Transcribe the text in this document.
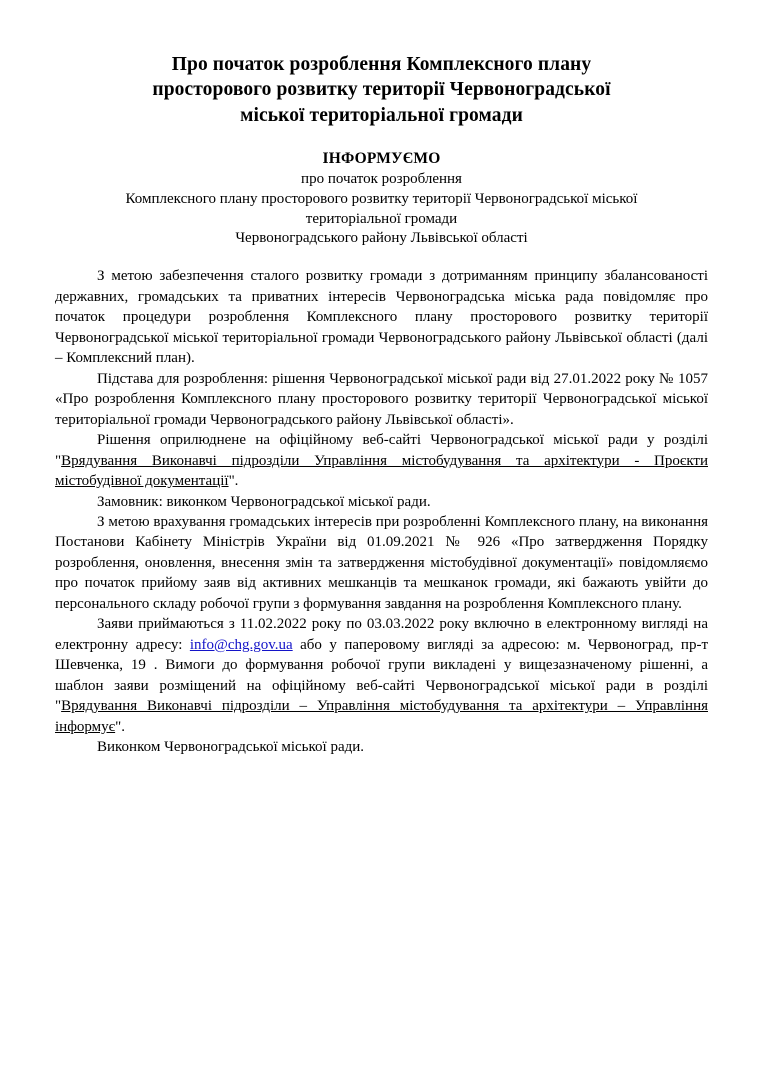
Про початок розроблення Комплексного плану
просторового розвитку території Червоноградської
міської територіальної громади
ІНФОРМУЄМО
про початок розроблення
Комплексного плану просторового розвитку території Червоноградської міської
територіальної громади
Червоноградського району Львівської області

З метою забезпечення сталого розвитку громади з дотриманням принципу збалансованості державних, громадських та приватних інтересів Червоноградська міська рада повідомляє про початок процедури розроблення Комплексного плану просторового розвитку території Червоноградської міської територіальної громади Червоноградського району Львівської області (далі – Комплексний план).

Підстава для розроблення: рішення Червоноградської міської ради від 27.01.2022 року № 1057 «Про розроблення Комплексного плану просторового розвитку території Червоноградської міської територіальної громади Червоноградського району Львівської області».

Рішення оприлюднене на офіційному веб-сайті Червоноградської міської ради у розділі "Врядування Виконавчі підрозділи Управління містобудування та архітектури - Проєкти містобудівної документації".

Замовник: виконком Червоноградської міської ради.

З метою врахування громадських інтересів при розробленні Комплексного плану, на виконання Постанови Кабінету Міністрів України від 01.09.2021 № 926 «Про затвердження Порядку розроблення, оновлення, внесення змін та затвердження містобудівної документації» повідомляємо про початок прийому заяв від активних мешканців та мешканок громади, які бажають увійти до персонального складу робочої групи з формування завдання на розроблення Комплексного плану.

Заяви приймаються з 11.02.2022 року по 03.03.2022 року включно в електронному вигляді на електронну адресу: info@chg.gov.ua або у паперовому вигляді за адресою: м. Червоноград, пр-т Шевченка, 19 . Вимоги до формування робочої групи викладені у вищезазначеному рішенні, а шаблон заяви розміщений на офіційному веб-сайті Червоноградської міської ради в розділі "Врядування Виконавчі підрозділи – Управління містобудування та архітектури – Управління інформує".

Виконком Червоноградської міської ради.
